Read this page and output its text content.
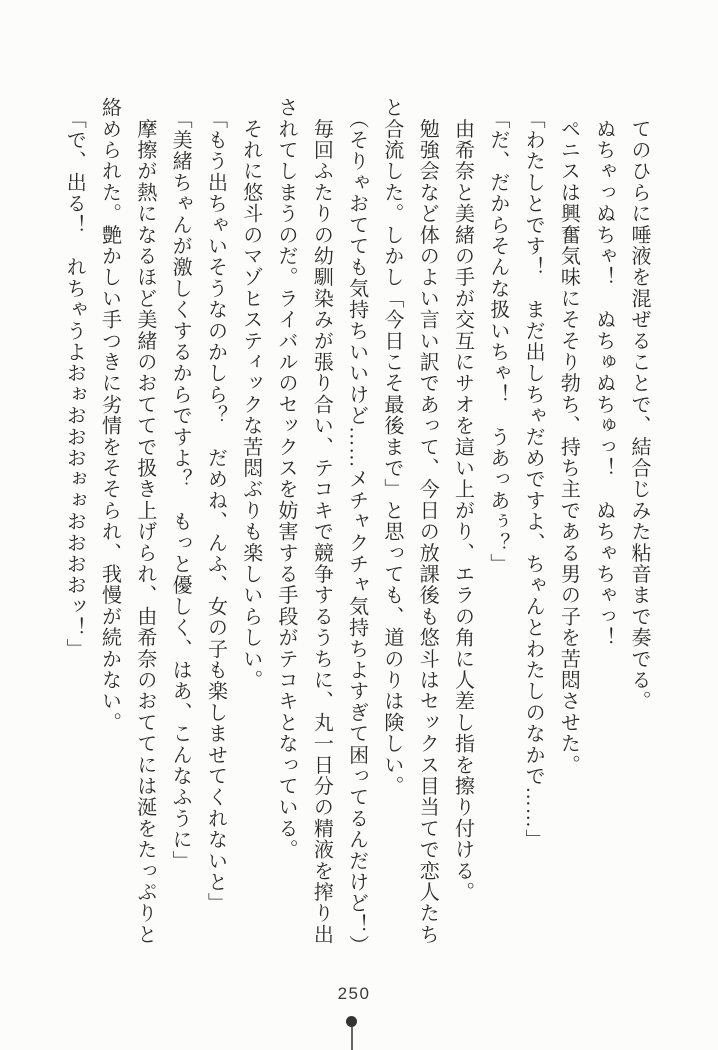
　てのひらに唾液を混ぜることで、結合じみた粘音まで奏でる。

　ぬちゃっぬちゃ！　ぬちゅぬちゅっ！　ぬちゃちゃっ！

　ペニスは興奮気味にそそり勃ち、持ち主である男の子を苦悶させた。

　「わたしとです！　まだ出しちゃだめですよ、ちゃんとわたしのなかで……」

　「だ、だからそんな扱いちゃ！　うあっあぅ？」

　由希奈と美緒の手が交互にサオを這い上がり、エラの角に人差し指を擦り付ける。

　勉強会など体のよい言い訳であって、今日の放課後も悠斗はセックス目当てで恋人たち

と合流した。しかし「今日こそ最後まで」と思っても、道のりは険しい。

　（そりゃおてても気持ちいいけど……メチャクチャ気持ちよすぎて困ってるんだけど！）

　毎回ふたりの幼馴染みが張り合い、テコキで競争するうちに、丸一日分の精液を搾り出

されてしまうのだ。ライバルのセックスを妨害する手段がテコキとなっている。

　それに悠斗のマゾヒスティックな苦悶ぶりも楽しいらしい。

　「もう出ちゃいそうなのかしら？　だめね、んふ、女の子も楽しませてくれないと」

　「美緒ちゃんが激しくするからですよ？　もっと優しく、はあ、こんなふうに」

　摩擦が熱になるほど美緒のおててで扱き上げられ、由希奈のおててには涎をたっぷりと

絡められた。艶かしい手つきに劣情をそそられ、我慢が続かない。

　「で、出る！　れちゃうよおぉおおおぉぉおおおおッ！」

250
